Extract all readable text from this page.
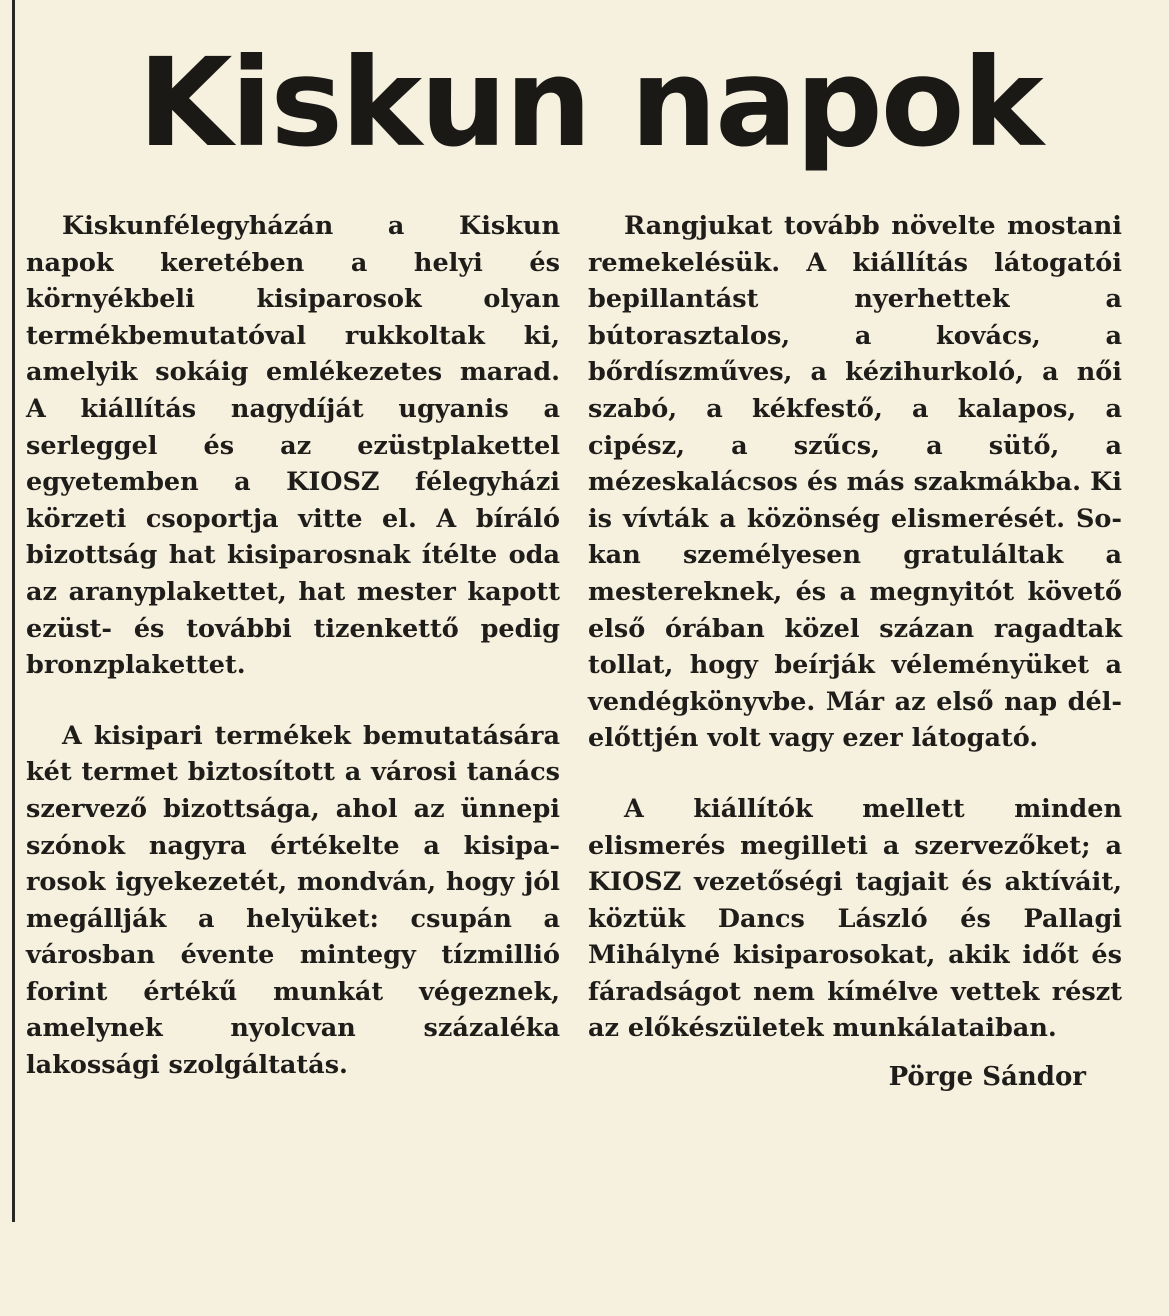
Kiskun napok

Kiskunfélegyházán a Kiskun napok keretében a helyi és környékbeli kisiparosok olyan termékbemutatóval rukkoltak ki, amelyik sokáig emlékezetes marad. A kiállítás nagydíját ugyanis a serleggel és az ezüstplakettel egyetemben a KIOSZ félegyházi körzeti csoportja vitte el. A bíráló bizottság hat kisiparosnak ítélte oda az aranyplakettet, hat mester kapott ezüst- és további tizenkettő pedig bronzplakettet.

A kisipari termékek bemutatására két termet biztosított a városi tanács szervező bizottsága, ahol az ünnepi szónok nagyra értékelte a kisiparosok igyekezetét, mondván, hogy jól megállják a helyüket: csupán a városban évente mintegy tízmillió forint értékű munkát végeznek, amelynek nyolcvan százaléka lakossági szolgáltatás.

Rangjukat tovább növelte mostani remekelésük. A kiállítás látogatói bepillantást nyerhettek a bútorasztalos, a kovács, a bőrdíszműves, a kézihurkoló, a női szabó, a kékfestő, a kalapos, a cipész, a szűcs, a sütő, a mézeskalácsos és más szakmákba. Ki is vívták a közönség elismerését. Sokan személyesen gratuláltak a mestereknek, és a megnyitót követő első órában közel százan ragadtak tollat, hogy beírják véleményüket a vendégkönyvbe. Már az első nap délelőttjén volt vagy ezer látogató.

A kiállítók mellett minden elismerés megilleti a szervezőket; a KIOSZ vezetőségi tagjait és aktíváit, köztük Dancs László és Pallagi Mihályné kisiparosokat, akik időt és fáradságot nem kímélve vettek részt az előkészületek munkálataiban.

Pörge Sándor
